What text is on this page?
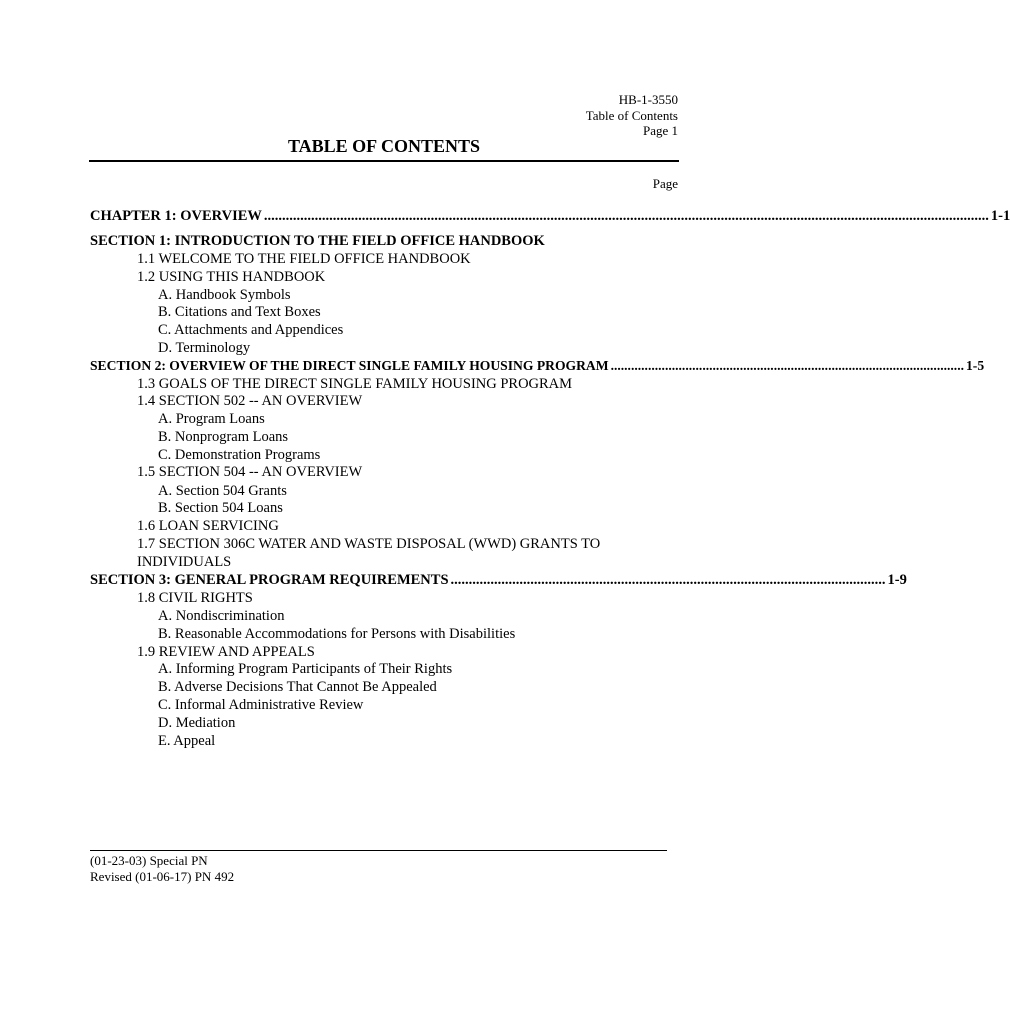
HB-1-3550
Table of Contents
Page 1
TABLE OF CONTENTS
Page
CHAPTER 1: OVERVIEW ........................................................................................................................................................................................................ 1-1
SECTION 1: INTRODUCTION TO THE FIELD OFFICE HANDBOOK
1.1 WELCOME TO THE FIELD OFFICE HANDBOOK
1.2 USING THIS HANDBOOK
A. Handbook Symbols
B. Citations and Text Boxes
C. Attachments and Appendices
D. Terminology
SECTION 2: OVERVIEW OF THE DIRECT SINGLE FAMILY HOUSING PROGRAM ........................................................................................................ 1-5
1.3 GOALS OF THE DIRECT SINGLE FAMILY HOUSING PROGRAM
1.4 SECTION 502 -- AN OVERVIEW
A. Program Loans
B. Nonprogram Loans
C. Demonstration Programs
1.5 SECTION 504 -- AN OVERVIEW
A. Section 504 Grants
B. Section 504 Loans
1.6 LOAN SERVICING
1.7 SECTION 306C WATER AND WASTE DISPOSAL (WWD) GRANTS TO INDIVIDUALS
SECTION 3: GENERAL PROGRAM REQUIREMENTS ........................................................................................................................ 1-9
1.8 CIVIL RIGHTS
A. Nondiscrimination
B. Reasonable Accommodations for Persons with Disabilities
1.9 REVIEW AND APPEALS
A. Informing Program Participants of Their Rights
B. Adverse Decisions That Cannot Be Appealed
C. Informal Administrative Review
D. Mediation
E. Appeal
(01-23-03) Special PN
Revised (01-06-17) PN 492
